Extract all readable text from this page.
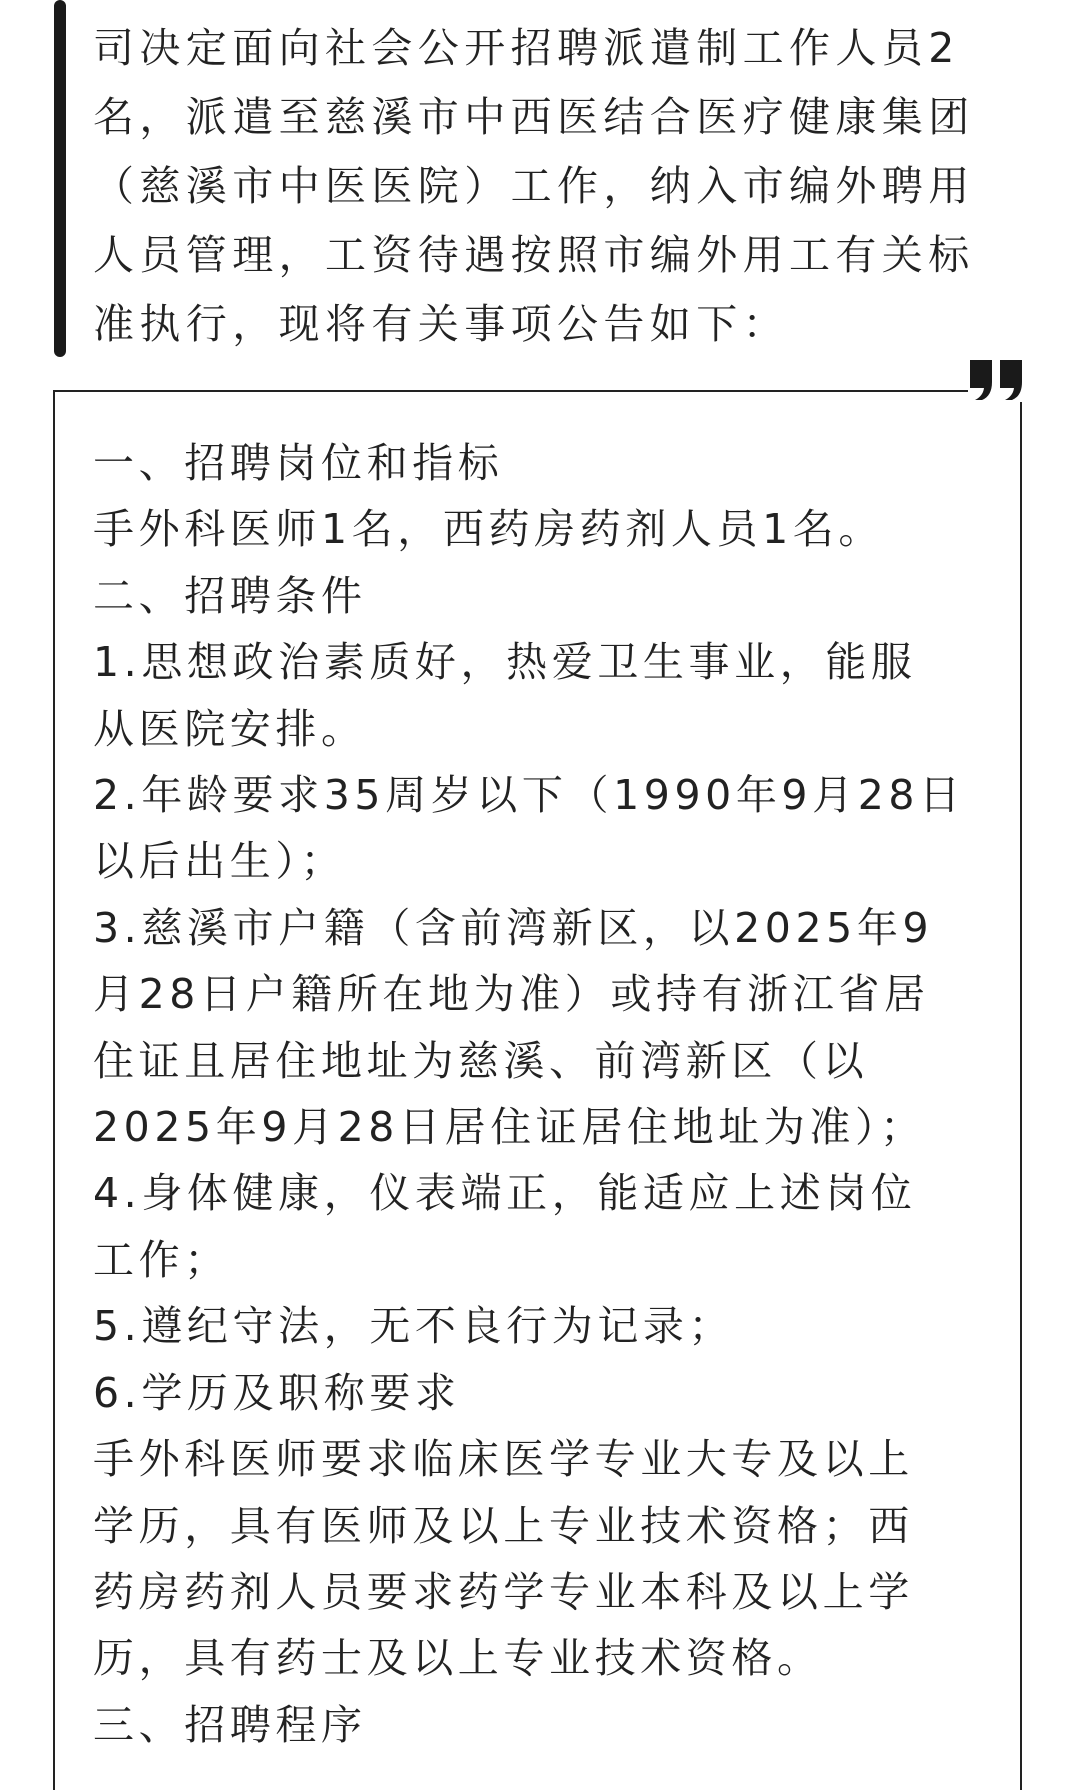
司决定面向社会公开招聘派遣制工作人员2
名，派遣至慈溪市中西医结合医疗健康集团
（慈溪市中医医院）工作，纳入市编外聘用
人员管理，工资待遇按照市编外用工有关标
准执行，现将有关事项公告如下：
一、招聘岗位和指标
手外科医师1名，西药房药剂人员1名。
二、招聘条件
1.思想政治素质好，热爱卫生事业，能服
从医院安排。
2.年龄要求35周岁以下（1990年9月28日
以后出生）；
3.慈溪市户籍（含前湾新区，以2025年9
月28日户籍所在地为准）或持有浙江省居
住证且居住地址为慈溪、前湾新区（以
2025年9月28日居住证居住地址为准）；
4.身体健康，仪表端正，能适应上述岗位
工作；
5.遵纪守法，无不良行为记录；
6.学历及职称要求
手外科医师要求临床医学专业大专及以上
学历，具有医师及以上专业技术资格；西
药房药剂人员要求药学专业本科及以上学
历，具有药士及以上专业技术资格。
三、招聘程序
